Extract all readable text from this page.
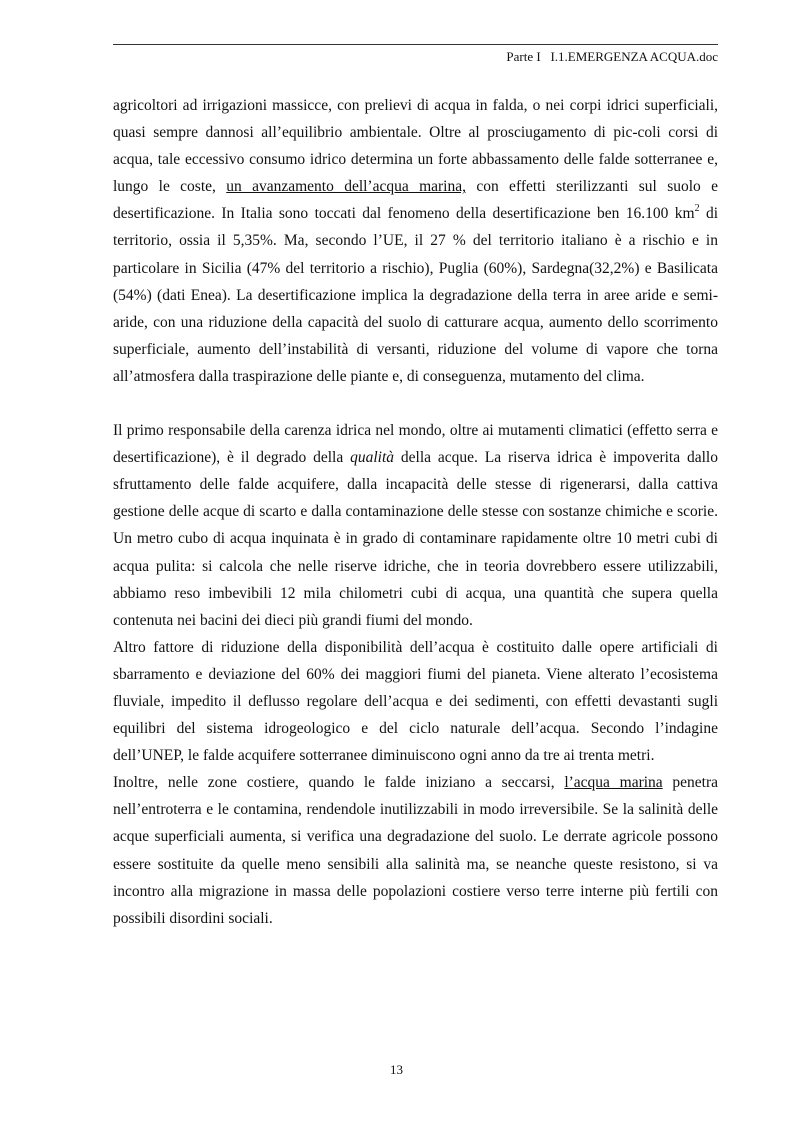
Parte I I.1.EMERGENZA ACQUA.doc

agricoltori ad irrigazioni massicce, con prelievi di acqua in falda, o nei corpi idrici superficiali, quasi sempre dannosi all’equilibrio ambientale. Oltre al prosciugamento di pic-coli corsi di acqua, tale eccessivo consumo idrico determina un forte abbassamento delle falde sotterranee e, lungo le coste, un avanzamento dell’acqua marina, con effetti sterilizzanti sul suolo e desertificazione. In Italia sono toccati dal fenomeno della desertificazione ben 16.100 $km^2$ di territorio, ossia il 5,35%. Ma, secondo l’UE, il 27 % del territorio italiano è a rischio e in particolare in Sicilia (47% del territorio a rischio), Puglia (60%), Sardegna(32,2%) e Basilicata (54%) (dati Enea). La desertificazione implica la degradazione della terra in aree aride e semi-aride, con una riduzione della capacità del suolo di catturare acqua, aumento dello scorrimento superficiale, aumento dell’instabilità di versanti, riduzione del volume di vapore che torna all’atmosfera dalla traspirazione delle piante e, di conseguenza, mutamento del clima.

Il primo responsabile della carenza idrica nel mondo, oltre ai mutamenti climatici (effetto serra e desertificazione), è il degrado della qualità della acque. La riserva idrica è impoverita dallo sfruttamento delle falde acquifere, dalla incapacità delle stesse di rigenerarsi, dalla cattiva gestione delle acque di scarto e dalla contaminazione delle stesse con sostanze chimiche e scorie. Un metro cubo di acqua inquinata è in grado di contaminare rapidamente oltre 10 metri cubi di acqua pulita: si calcola che nelle riserve idriche, che in teoria dovrebbero essere utilizzabili, abbiamo reso imbevibili 12 mila chilometri cubi di acqua, una quantità che supera quella contenuta nei bacini dei dieci più grandi fiumi del mondo.

Altro fattore di riduzione della disponibilità dell’acqua è costituito dalle opere artificiali di sbarramento e deviazione del 60% dei maggiori fiumi del pianeta. Viene alterato l’ecosistema fluviale, impedito il deflusso regolare dell’acqua e dei sedimenti, con effetti devastanti sugli equilibri del sistema idrogeologico e del ciclo naturale dell’acqua. Secondo l’indagine dell’UNEP, le falde acquifere sotterranee diminuiscono ogni anno da tre ai trenta metri.

Inoltre, nelle zone costiere, quando le falde iniziano a seccarsi, l’acqua marina penetra nell’entroterra e le contamina, rendendole inutilizzabili in modo irreversibile. Se la salinità delle acque superficiali aumenta, si verifica una degradazione del suolo. Le derrate agricole possono essere sostituite da quelle meno sensibili alla salinità ma, se neanche queste resistono, si va incontro alla migrazione in massa delle popolazioni costiere verso terre interne più fertili con possibili disordini sociali.

13
